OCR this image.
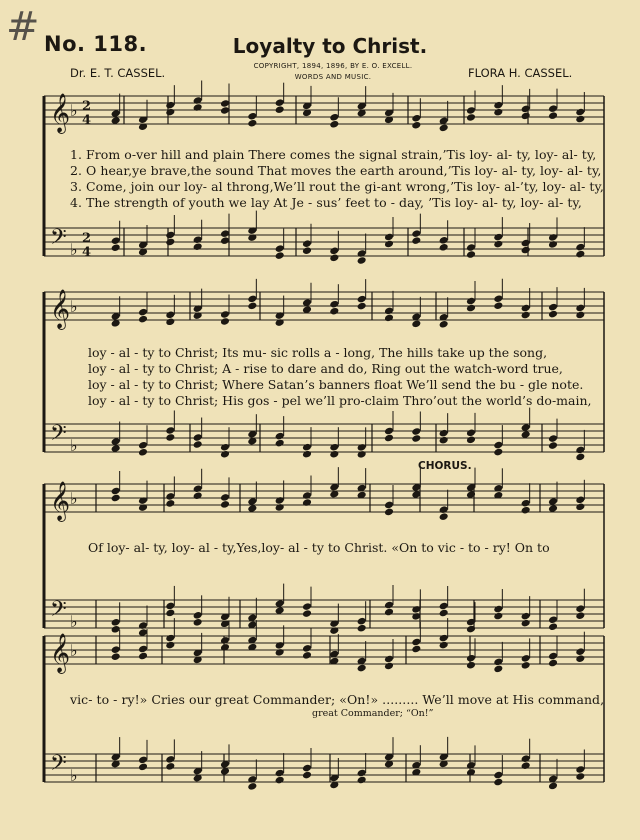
# No. 118.	Loyalty to Christ.
COPYRIGHT, 1894, 1896, BY E. O. EXCELL.
WORDS AND MUSIC.
Dr. E. T. CASSEL.	FLORA H. CASSEL.
𝄞
𝄢
♭
♭
2
4
2
4
𝄞
𝄢
♭
♭
𝄞
𝄢
♭
♭
𝄞
𝄢
♭
♭
1. From o-ver hill and plain There comes the signal strain,’Tis loy- al- ty, loy- al- ty,
2. O hear,ye brave,the sound That moves the earth around,’Tis loy- al- ty, loy- al- ty,
3. Come, join our loy- al throng,We’ll rout the gi-ant wrong,’Tis loy- al-’ty, loy- al- ty,
4. The strength of youth we lay At Je - sus’ feet to - day, ’Tis loy- al- ty, loy- al- ty,
loy - al - ty to Christ; Its mu- sic rolls a - long, The hills take up the song,
loy - al - ty to Christ; A - rise to dare and do, Ring out the watch-word true,
loy - al - ty to Christ; Where Satan’s banners float We’ll send the bu - gle note.
loy - al - ty to Christ; His gos - pel we’ll pro-claim Thro’out the world’s do-main,
CHORUS.
Of loy- al- ty, loy- al - ty,Yes,loy- al - ty to Christ. «On to vic - to - ry! On to
vic- to - ry!» Cries our great Commander; «On!» ......... We’ll move at His command,
great Commander; “On!”
